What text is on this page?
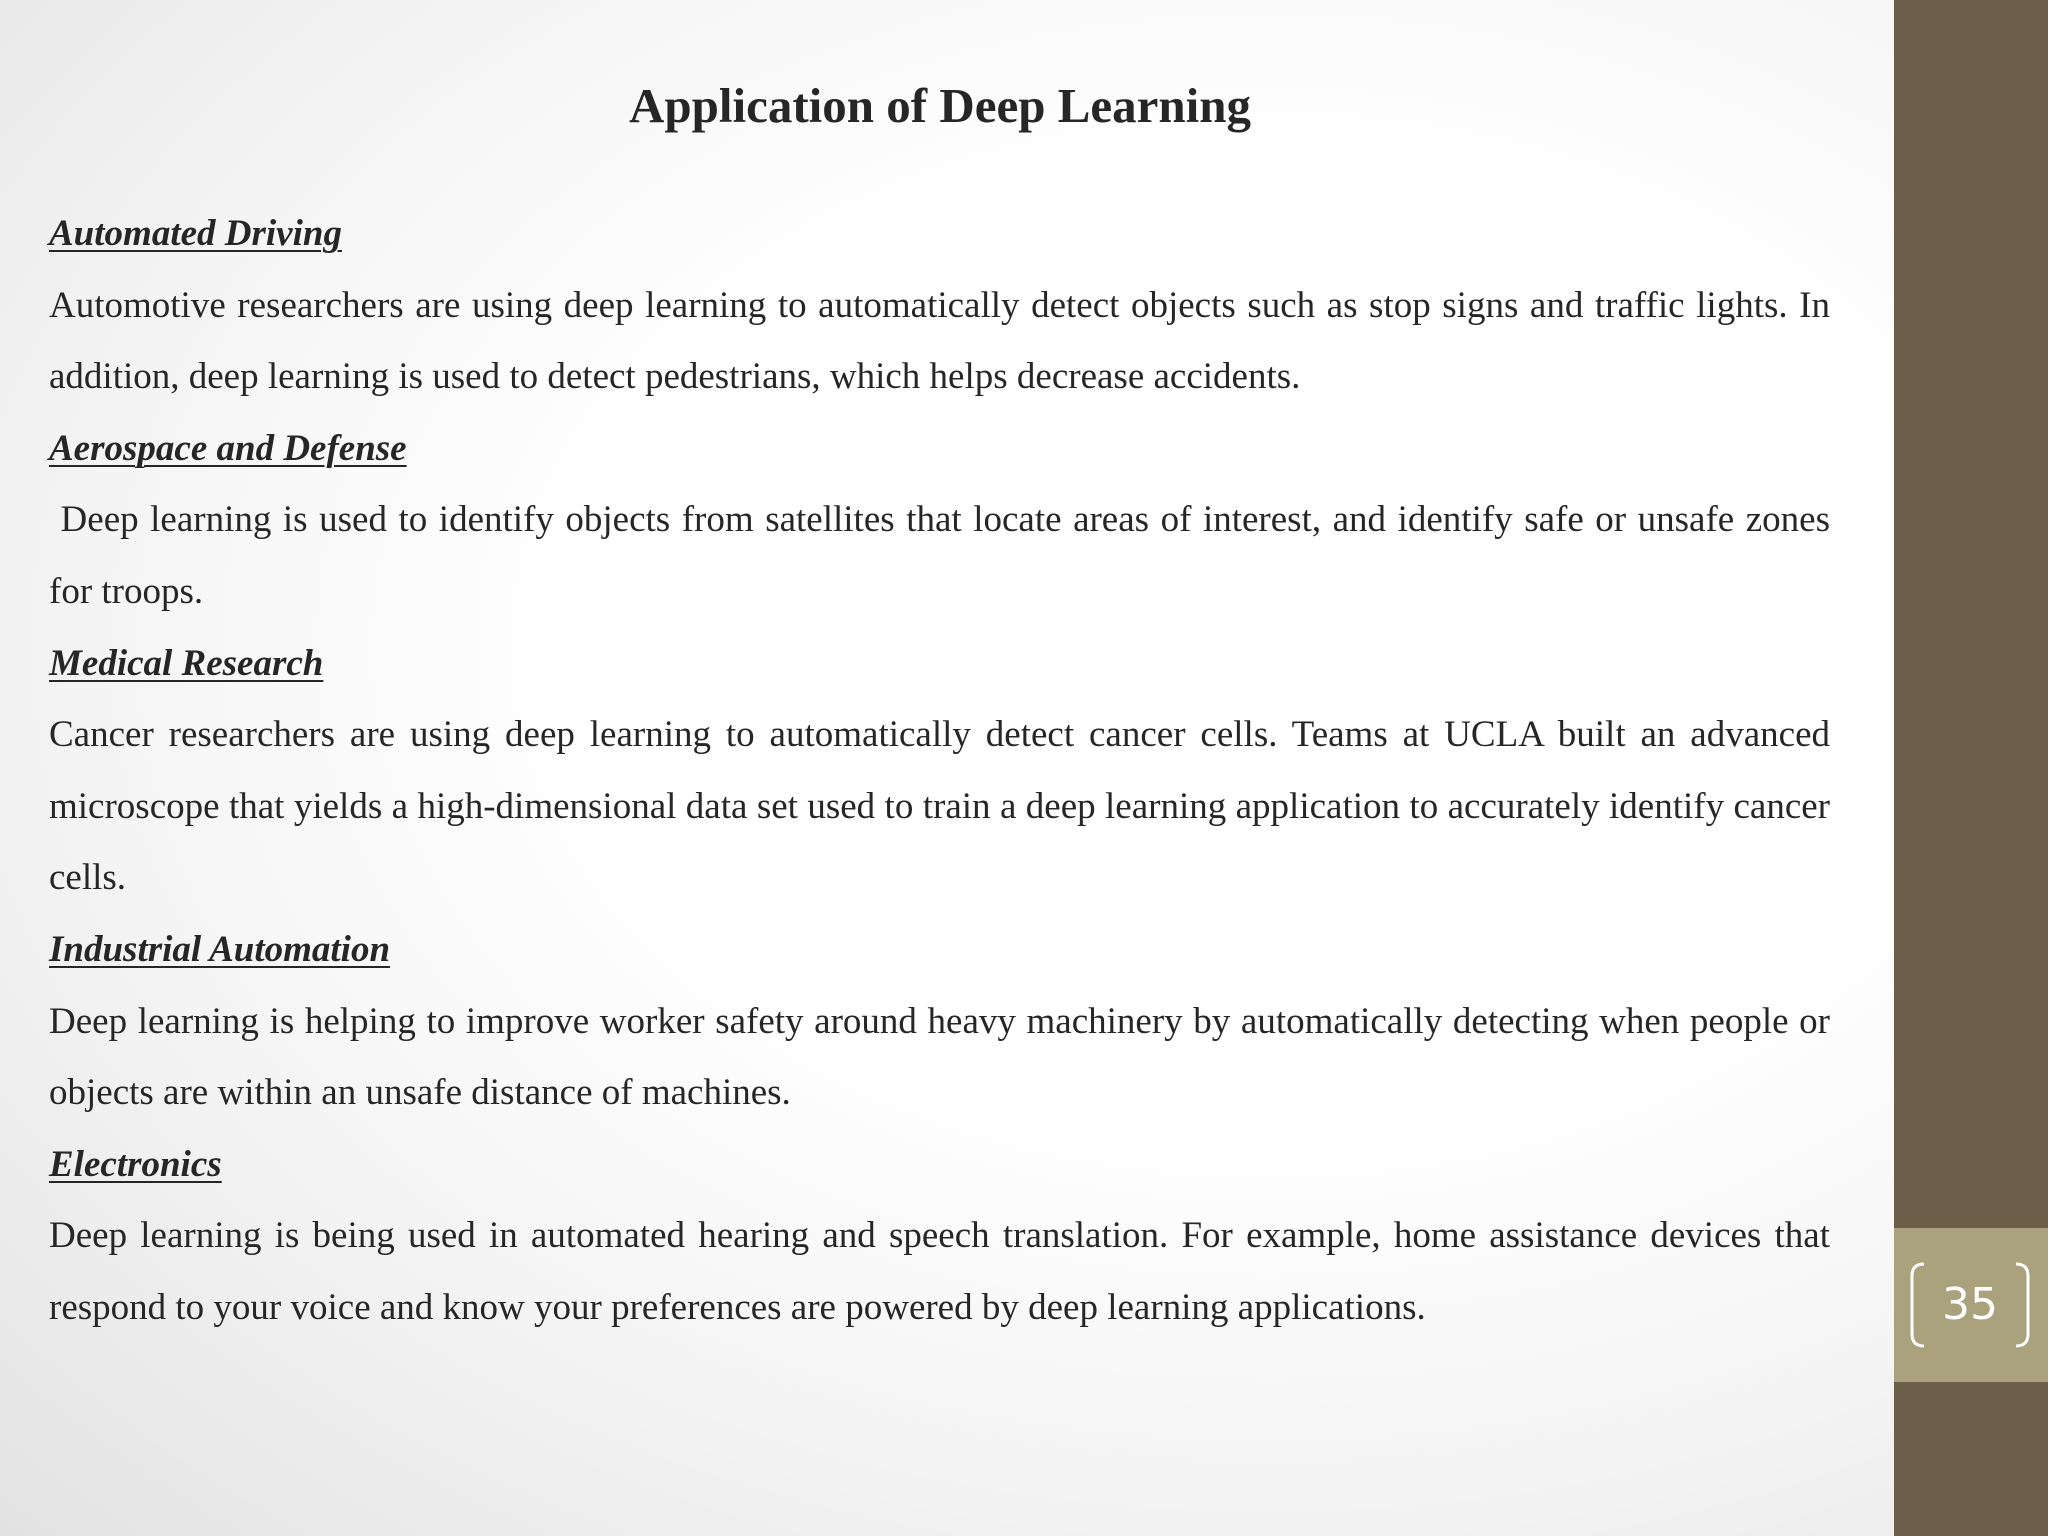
35
Application of Deep Learning
Automated Driving
Automotive researchers are using deep learning to automatically detect objects such as stop signs and traffic lights. In addition, deep learning is used to detect pedestrians, which helps decrease accidents.
Aerospace and Defense
Deep learning is used to identify objects from satellites that locate areas of interest, and identify safe or unsafe zones for troops.
Medical Research
Cancer researchers are using deep learning to automatically detect cancer cells. Teams at UCLA built an advanced microscope that yields a high-dimensional data set used to train a deep learning application to accurately identify cancer cells.
Industrial Automation
Deep learning is helping to improve worker safety around heavy machinery by automatically detecting when people or objects are within an unsafe distance of machines.
Electronics
Deep learning is being used in automated hearing and speech translation. For example, home assistance devices that respond to your voice and know your preferences are powered by deep learning applications.
